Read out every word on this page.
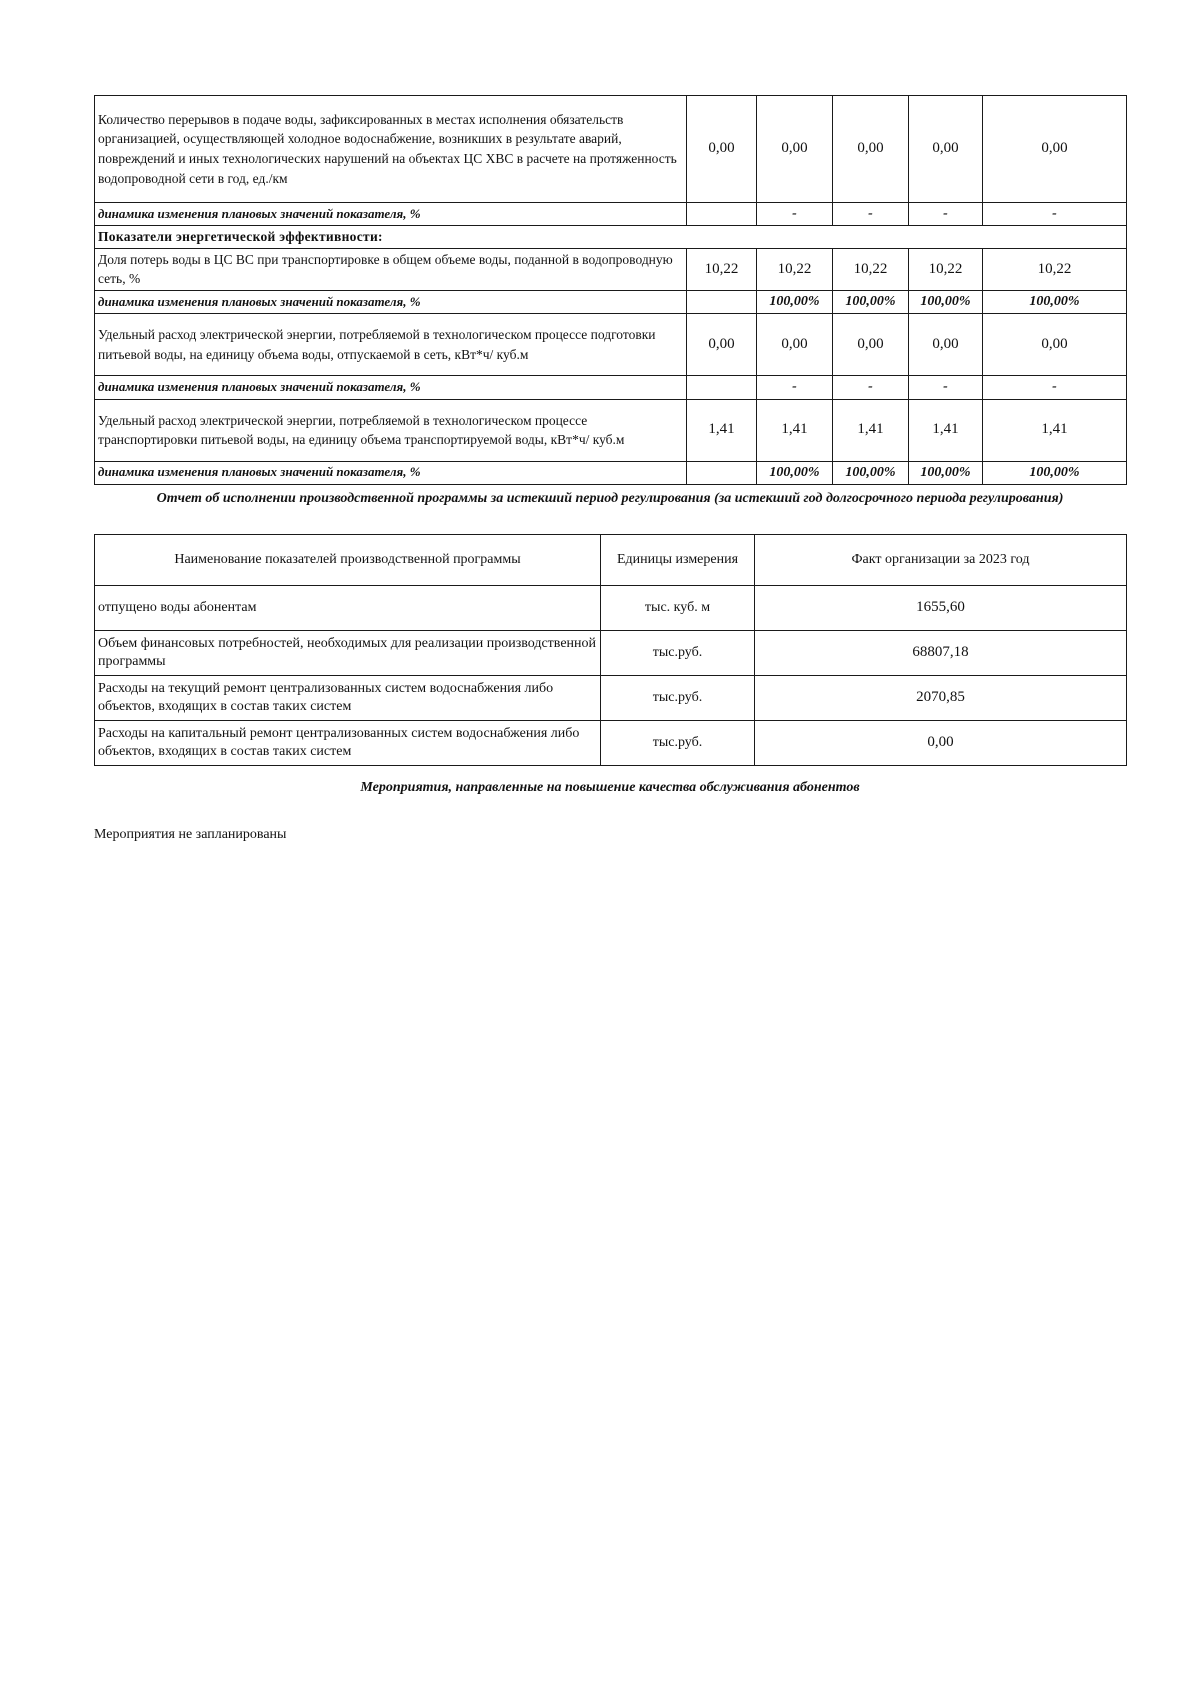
Количество перерывов в подаче воды, зафиксированных в местах исполнения обязательств организацией, осуществляющей холодное водоснабжение, возникших в результате аварий, повреждений и иных технологических нарушений на объектах ЦС ХВС в расчете на протяженность водопроводной сети в год, ед./км	0,00	0,00	0,00	0,00	0,00
динамика изменения плановых значений показателя, %		-	-	-	-
Показатели энергетической эффективности:					
Доля потерь воды в ЦС ВС при транспортировке в общем объеме воды, поданной в водопроводную сеть, %	10,22	10,22	10,22	10,22	10,22
динамика изменения плановых значений показателя, %		100,00%	100,00%	100,00%	100,00%
Удельный расход электрической энергии, потребляемой в технологическом процессе подготовки питьевой воды, на единицу объема воды, отпускаемой в сеть, кВт*ч/ куб.м	0,00	0,00	0,00	0,00	0,00
динамика изменения плановых значений показателя, %		-	-	-	-
Удельный расход электрической энергии, потребляемой в технологическом процессе транспортировки питьевой воды, на единицу объема транспортируемой воды, кВт*ч/ куб.м	1,41	1,41	1,41	1,41	1,41
динамика изменения плановых значений показателя, %		100,00%	100,00%	100,00%	100,00%
Отчет об исполнении производственной программы за истекший период регулирования (за истекший год долгосрочного периода регулирования)
Наименование показателей производственной программы	Единицы измерения	Факт организации за 2023 год
отпущено воды абонентам	тыс. куб. м	1655,60
Объем финансовых потребностей, необходимых для реализации производственной программы	тыс.руб.	68807,18
Расходы на текущий ремонт централизованных систем водоснабжения либо объектов, входящих в состав таких систем	тыс.руб.	2070,85
Расходы на капитальный ремонт централизованных систем водоснабжения либо объектов, входящих в состав таких систем	тыс.руб.	0,00
Мероприятия, направленные на повышение качества обслуживания абонентов
Мероприятия не запланированы
